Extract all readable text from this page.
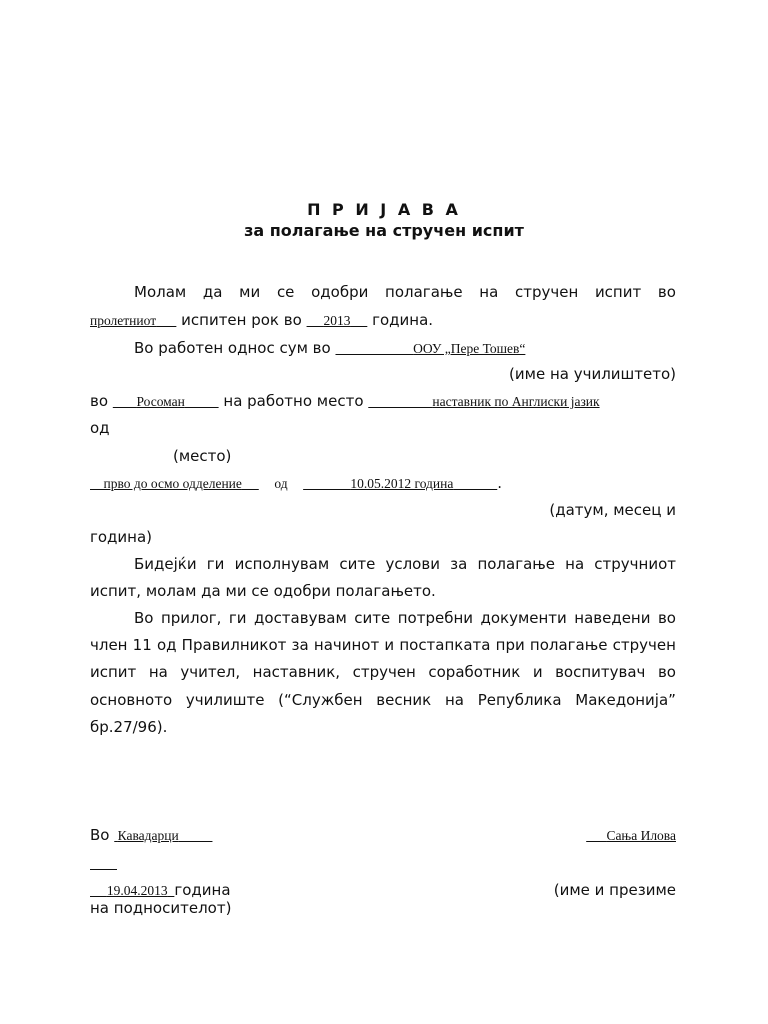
П Р И Ј А В А
за полагање на стручен испит
Молам да ми се одобри полагање на стручен испит во
пролетниот испитен рок во 2013 година.
Во работен однос сум во	ООУ „Пере Тошев“
(име на училиштето)
во Росоман	на работно место	наставник по Англиски јазик
од
(место)
прво до осмо одделение од	10.05.2012 година	.
(датум, месец и
година)
Бидејќи ги исполнувам сите услови за полагање на стручниот
испит, молам да ми се одобри полагањето.
Во прилог, ги доставувам сите потребни документи наведени во
член 11 од Правилникот за начинот и постапката при полагање стручен
испит на учител, наставник, стручен соработник и воспитувач во
основното училиште (“Службен весник на Република Македонија”
бр.27/96).
Во Кавадарци	Сања Илова

19.04.2013 година	(име и презиме
на подносителот)
